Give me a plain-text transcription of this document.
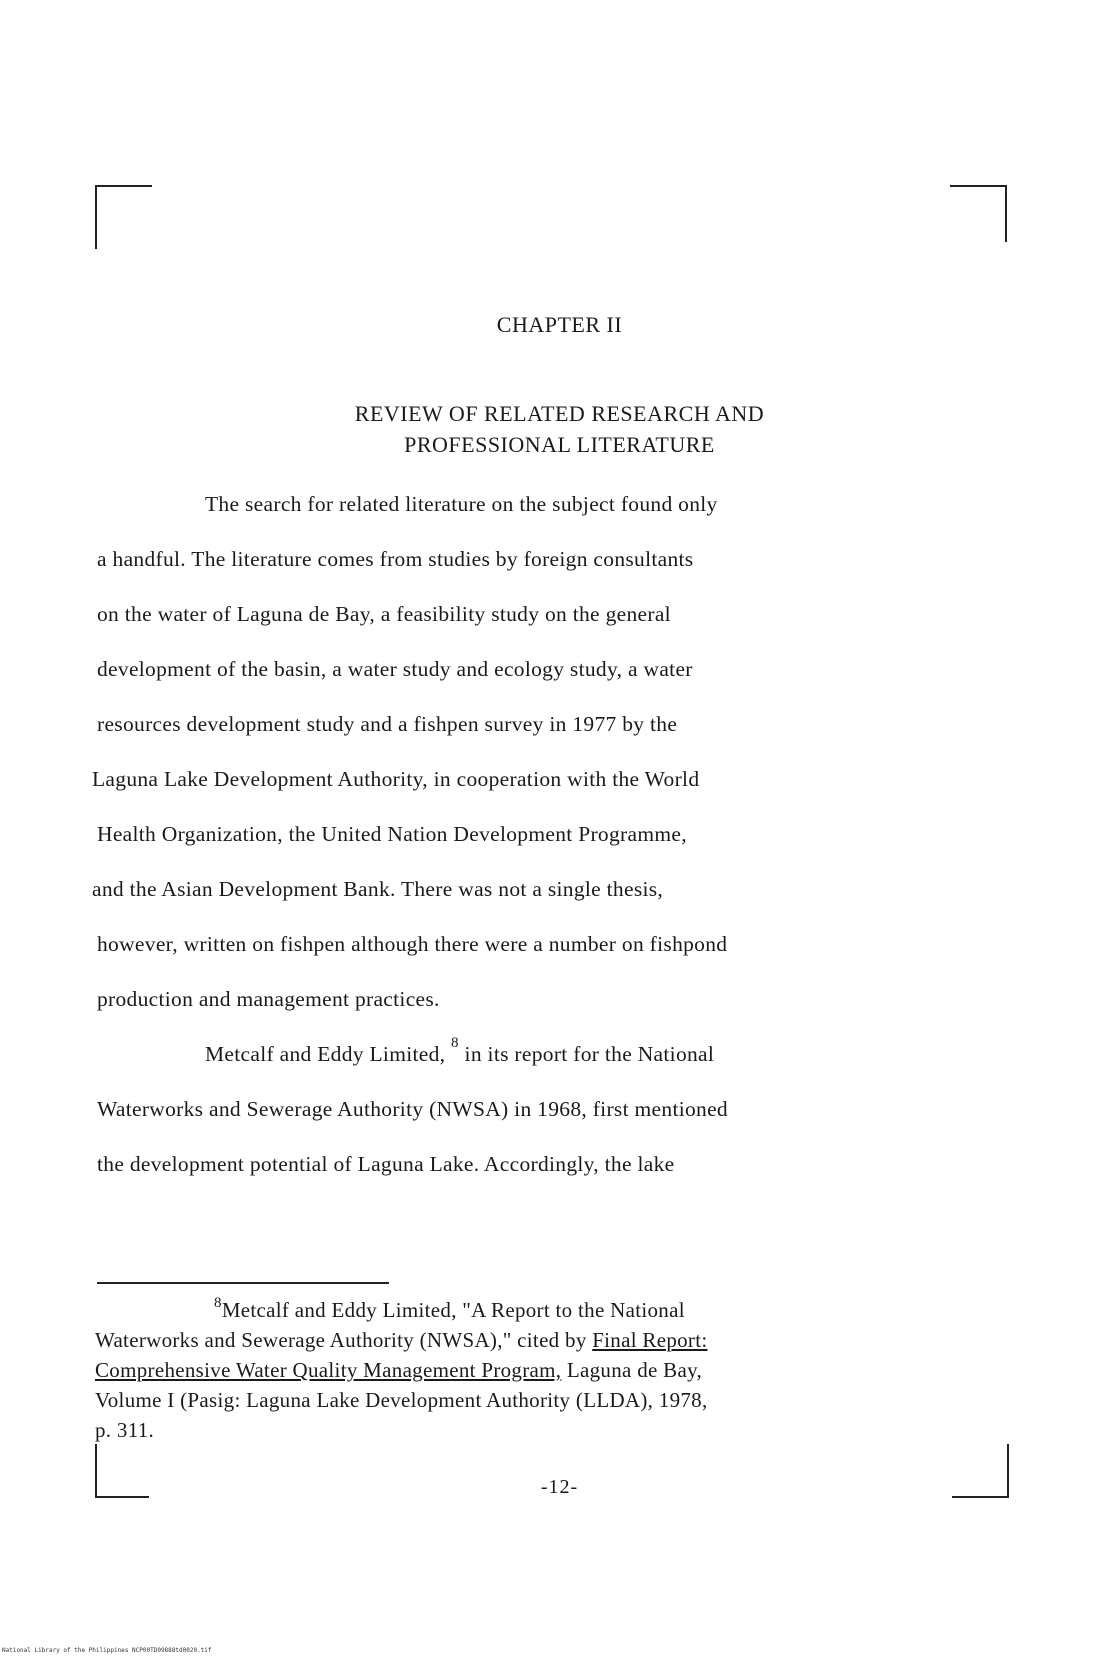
CHAPTER II
REVIEW OF RELATED RESEARCH AND
PROFESSIONAL LITERATURE
The search for related literature on the subject found only
a handful. The literature comes from studies by foreign consultants
on the water of Laguna de Bay, a feasibility study on the general
development of the basin, a water study and ecology study, a water
resources development study and a fishpen survey in 1977 by the
Laguna Lake Development Authority, in cooperation with the World
Health Organization, the United Nation Development Programme,
and the Asian Development Bank. There was not a single thesis,
however, written on fishpen although there were a number on fishpond
production and management practices.
Metcalf and Eddy Limited, $^8$ in its report for the National
Waterworks and Sewerage Authority (NWSA) in 1968, first mentioned
the development potential of Laguna Lake. Accordingly, the lake
$^8$Metcalf and Eddy Limited, "A Report to the National
Waterworks and Sewerage Authority (NWSA)," cited by Final Report:
Comprehensive Water Quality Management Program, Laguna de Bay,
Volume I (Pasig: Laguna Lake Development Authority (LLDA), 1978,
p. 311.
-12-
National Library of the Philippines NCP00TD09888td0020.tif
